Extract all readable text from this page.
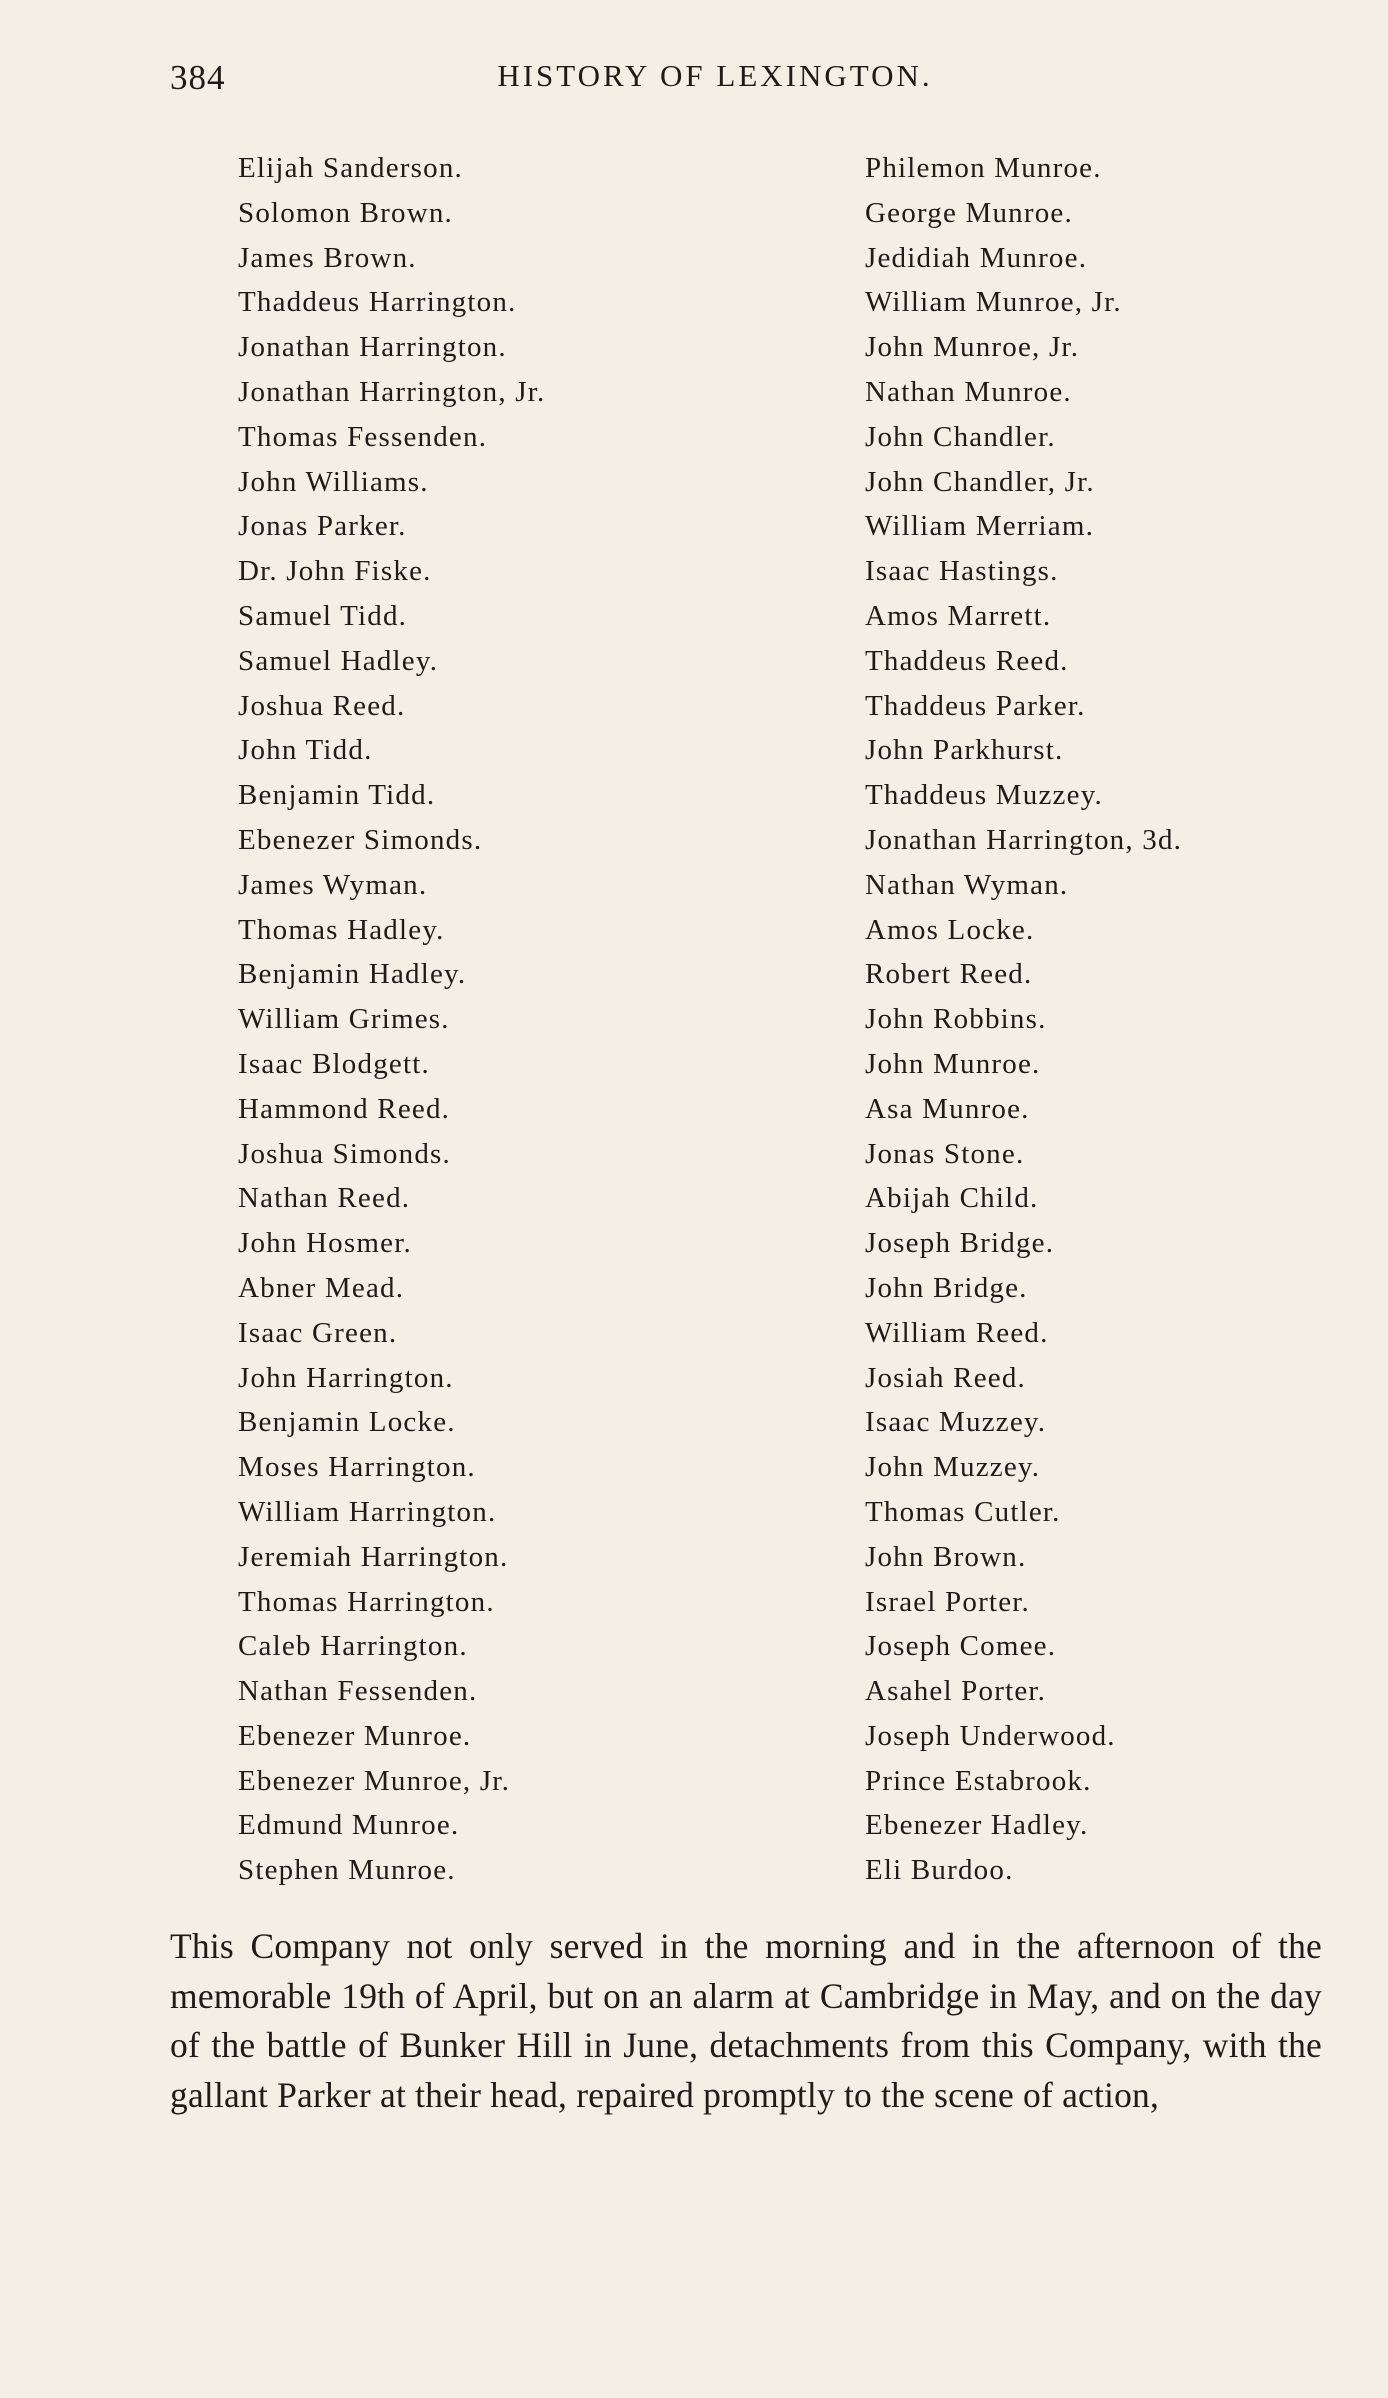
384	HISTORY OF LEXINGTON.
Elijah Sanderson.
Solomon Brown.
James Brown.
Thaddeus Harrington.
Jonathan Harrington.
Jonathan Harrington, Jr.
Thomas Fessenden.
John Williams.
Jonas Parker.
Dr. John Fiske.
Samuel Tidd.
Samuel Hadley.
Joshua Reed.
John Tidd.
Benjamin Tidd.
Ebenezer Simonds.
James Wyman.
Thomas Hadley.
Benjamin Hadley.
William Grimes.
Isaac Blodgett.
Hammond Reed.
Joshua Simonds.
Nathan Reed.
John Hosmer.
Abner Mead.
Isaac Green.
John Harrington.
Benjamin Locke.
Moses Harrington.
William Harrington.
Jeremiah Harrington.
Thomas Harrington.
Caleb Harrington.
Nathan Fessenden.
Ebenezer Munroe.
Ebenezer Munroe, Jr.
Edmund Munroe.
Stephen Munroe.
Philemon Munroe.
George Munroe.
Jedidiah Munroe.
William Munroe, Jr.
John Munroe, Jr.
Nathan Munroe.
John Chandler.
John Chandler, Jr.
William Merriam.
Isaac Hastings.
Amos Marrett.
Thaddeus Reed.
Thaddeus Parker.
John Parkhurst.
Thaddeus Muzzey.
Jonathan Harrington, 3d.
Nathan Wyman.
Amos Locke.
Robert Reed.
John Robbins.
John Munroe.
Asa Munroe.
Jonas Stone.
Abijah Child.
Joseph Bridge.
John Bridge.
William Reed.
Josiah Reed.
Isaac Muzzey.
John Muzzey.
Thomas Cutler.
John Brown.
Israel Porter.
Joseph Comee.
Asahel Porter.
Joseph Underwood.
Prince Estabrook.
Ebenezer Hadley.
Eli Burdoo.

This Company not only served in the morning and in the afternoon of the memorable 19th of April, but on an alarm at Cambridge in May, and on the day of the battle of Bunker Hill in June, detachments from this Company, with the gallant Parker at their head, repaired promptly to the scene of action,
